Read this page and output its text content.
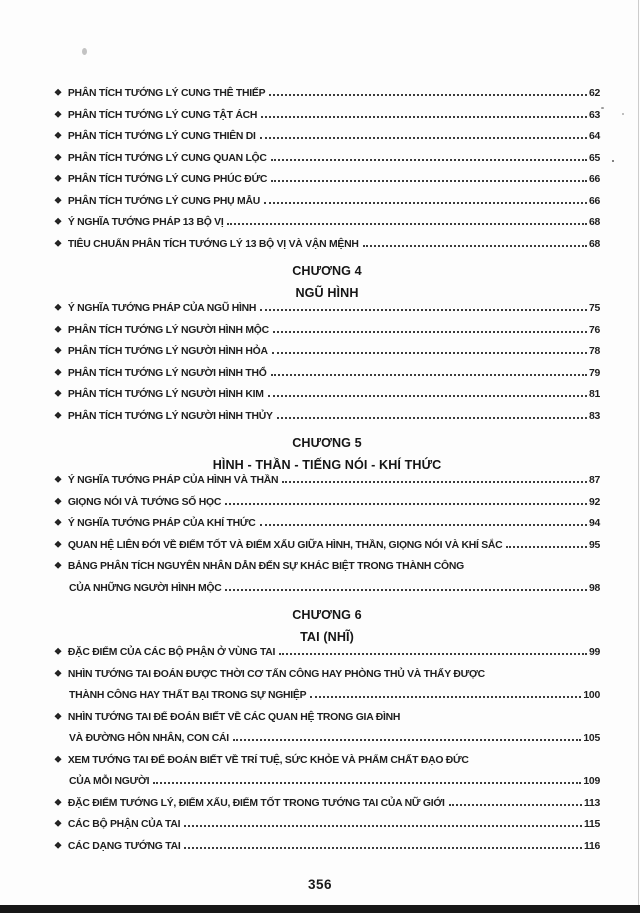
❖ PHÂN TÍCH TƯỚNG LÝ CUNG THÊ THIẾP	62
❖ PHÂN TÍCH TƯỚNG LÝ CUNG TẬT ÁCH	63
❖ PHÂN TÍCH TƯỚNG LÝ CUNG THIÊN DI	64
❖ PHÂN TÍCH TƯỚNG LÝ CUNG QUAN LỘC	65
❖ PHÂN TÍCH TƯỚNG LÝ CUNG PHÚC ĐỨC	66
❖ PHÂN TÍCH TƯỚNG LÝ CUNG PHỤ MẪU	66
❖ Ý NGHĨA TƯỚNG PHÁP 13 BỘ VỊ	68
❖ TIÊU CHUẨN PHÂN TÍCH TƯỚNG LÝ 13 BỘ VỊ VÀ VẬN MỆNH	68
CHƯƠNG 4
NGŨ HÌNH
❖ Ý NGHĨA TƯỚNG PHÁP CỦA NGŨ HÌNH	75
❖ PHÂN TÍCH TƯỚNG LÝ NGƯỜI HÌNH MỘC	76
❖ PHÂN TÍCH TƯỚNG LÝ NGƯỜI HÌNH HỎA	78
❖ PHÂN TÍCH TƯỚNG LÝ NGƯỜI HÌNH THỔ	79
❖ PHÂN TÍCH TƯỚNG LÝ NGƯỜI HÌNH KIM	81
❖ PHÂN TÍCH TƯỚNG LÝ NGƯỜI HÌNH THỦY	83
CHƯƠNG 5
HÌNH - THẦN - TIẾNG NÓI - KHÍ THỨC
❖ Ý NGHĨA TƯỚNG PHÁP CỦA HÌNH VÀ THẦN	87
❖ GIỌNG NÓI VÀ TƯỚNG SỐ HỌC	92
❖ Ý NGHĨA TƯỚNG PHÁP CỦA KHÍ THỨC	94
❖ QUAN HỆ LIÊN ĐỚI VỀ ĐIỂM TỐT VÀ ĐIỂM XẤU GIỮA HÌNH, THẦN, GIỌNG NÓI VÀ KHÍ SẮC	95
❖ BẢNG PHÂN TÍCH NGUYÊN NHÂN DẪN ĐẾN SỰ KHÁC BIỆT TRONG THÀNH CÔNG
CỦA NHỮNG NGƯỜI HÌNH MỘC	98
CHƯƠNG 6
TAI (NHĨ)
❖ ĐẶC ĐIỂM CỦA CÁC BỘ PHẬN Ở VÙNG TAI	99
❖ NHÌN TƯỚNG TAI ĐOÁN ĐƯỢC THỜI CƠ TẤN CÔNG HAY PHÒNG THỦ VÀ THẤY ĐƯỢC
THÀNH CÔNG HAY THẤT BẠI TRONG SỰ NGHIỆP	100
❖ NHÌN TƯỚNG TAI ĐỂ ĐOÁN BIẾT VỀ CÁC QUAN HỆ TRONG GIA ĐÌNH
VÀ ĐƯỜNG HÔN NHÂN, CON CÁI	105
❖ XEM TƯỚNG TAI ĐỂ ĐOÁN BIẾT VỀ TRÍ TUỆ, SỨC KHỎE VÀ PHẨM CHẤT ĐẠO ĐỨC
CỦA MỖI NGƯỜI	109
❖ ĐẶC ĐIỂM TƯỚNG LÝ, ĐIỂM XẤU, ĐIỂM TỐT TRONG TƯỚNG TAI CỦA NỮ GIỚI	113
❖ CÁC BỘ PHẬN CỦA TAI	115
❖ CÁC DẠNG TƯỚNG TAI	116
356
